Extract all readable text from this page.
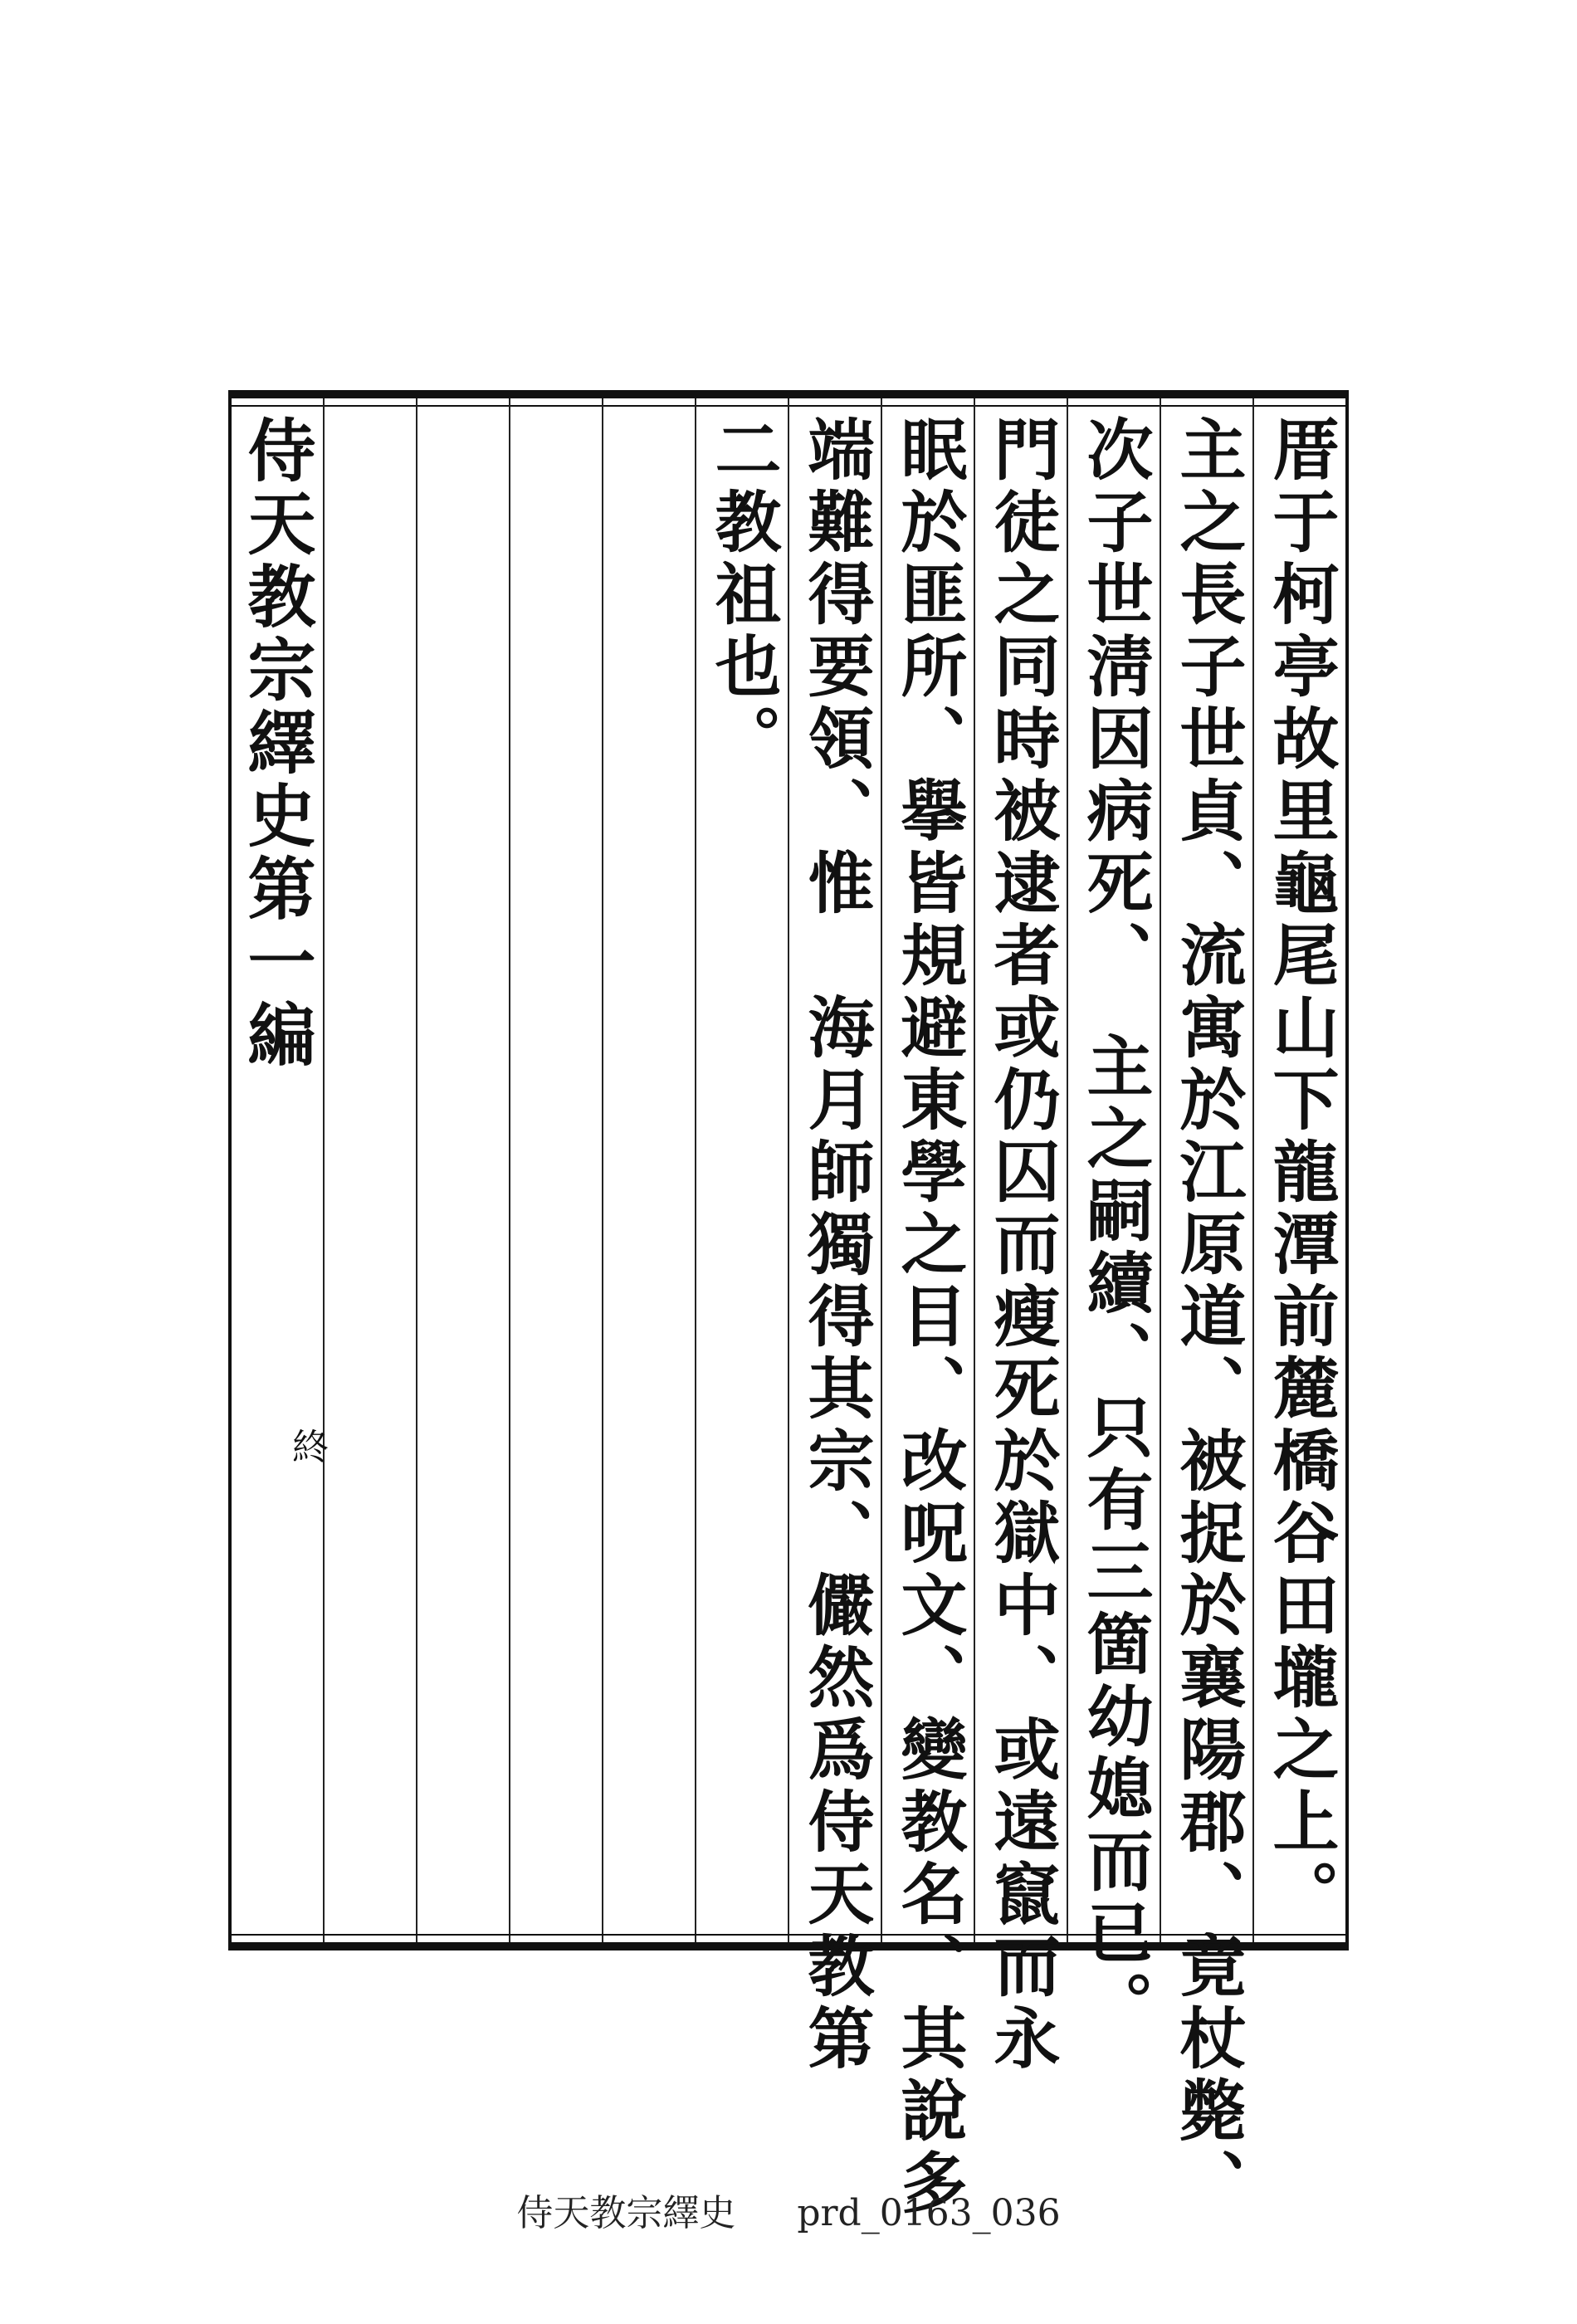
厝于柯亭故里龜尾山下龍潭前麓橋谷田壠之上。
主之長子世貞、流寓於江原道、被捉於襄陽郡、竟杖斃、
次子世淸因病死、　主之嗣續、只有三箇幼媳而已。
門徒之同時被逮者或仍囚而瘦死於獄中、或遠竄而永
眠於匪所、擧皆規避東學之目、改呪文、變教名、其說多
端難得要領、惟　海月師獨得其宗、儼然爲侍天教第
二教祖也。
侍天教宗繹史第一編
終
侍天教宗繹史 prd_0163_036
